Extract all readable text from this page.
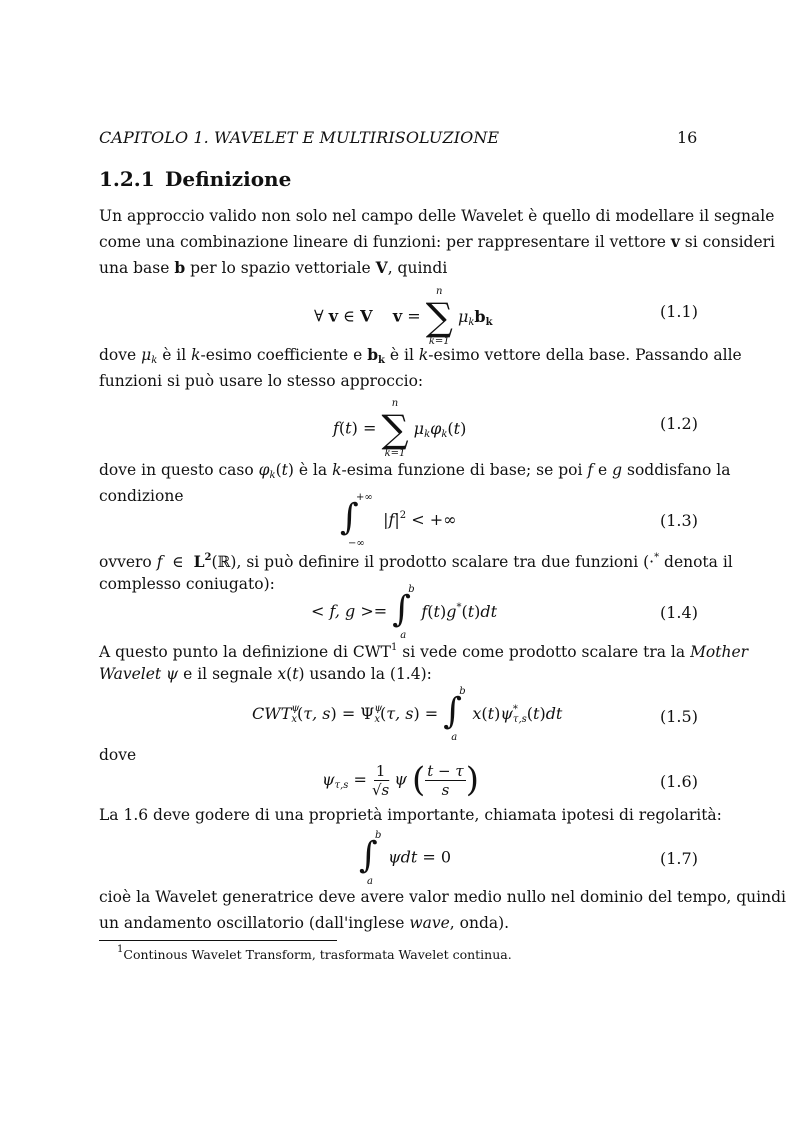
CAPITOLO 1. WAVELET E MULTIRISOLUZIONE	16
1.2.1 Definizione
Un approccio valido non solo nel campo delle Wavelet è quello di modellare il segnale
come una combinazione lineare di funzioni: per rappresentare il vettore v si consideri
una base b per lo spazio vettoriale V, quindi
∀ v ∈ V v =
n
∑
k=1
$\mu_kb_k$
(1.1)
dove $\mu_k$ è il k-esimo coefficiente e $b_k$ è il k-esimo vettore della base. Passando alle
funzioni si può usare lo stesso approccio:
f(t) =
n
∑
k=1
$\mu_k\varphi_k(t)$	(1.2)
dove in questo caso $\varphi_k(t)$ è la k-esima funzione di base; se poi f e g soddisfano la
condizione
∫
+∞
−∞
$|f|^2$ < +∞	(1.3)
ovvero f  ∈  $L^2(ℝ)$, si può definire il prodotto scalare tra due funzioni (·* denota il
complesso coniugato):
< f, g >= ∫
b
a
f(t)g*(t)dt	(1.4)
A questo punto la definizione di CWT$^1$ si vede come prodotto scalare tra la Mother
Wavelet ψ e il segnale x(t) usando la (1.4):
CWT $_{\psi x}$(τ, s) = Ψ $_{\psi x}$(τ, s) = ∫
b
a
x(t)ψ $_{* \tau,s}$(t)dt	(1.5)
dove
$\psi_{\tau,s} = \frac{1}{√s}$ ψ ( $\frac{t - \tau}{s}$ )	(1.6)
La 1.6 deve godere di una proprietà importante, chiamata ipotesi di regolarità:
∫
b
a
ψdt = 0	(1.7)
cioè la Wavelet generatrice deve avere valor medio nullo nel dominio del tempo, quindi
un andamento oscillatorio (dall'inglese wave, onda).
$^1$Continous Wavelet Transform, trasformata Wavelet continua.
